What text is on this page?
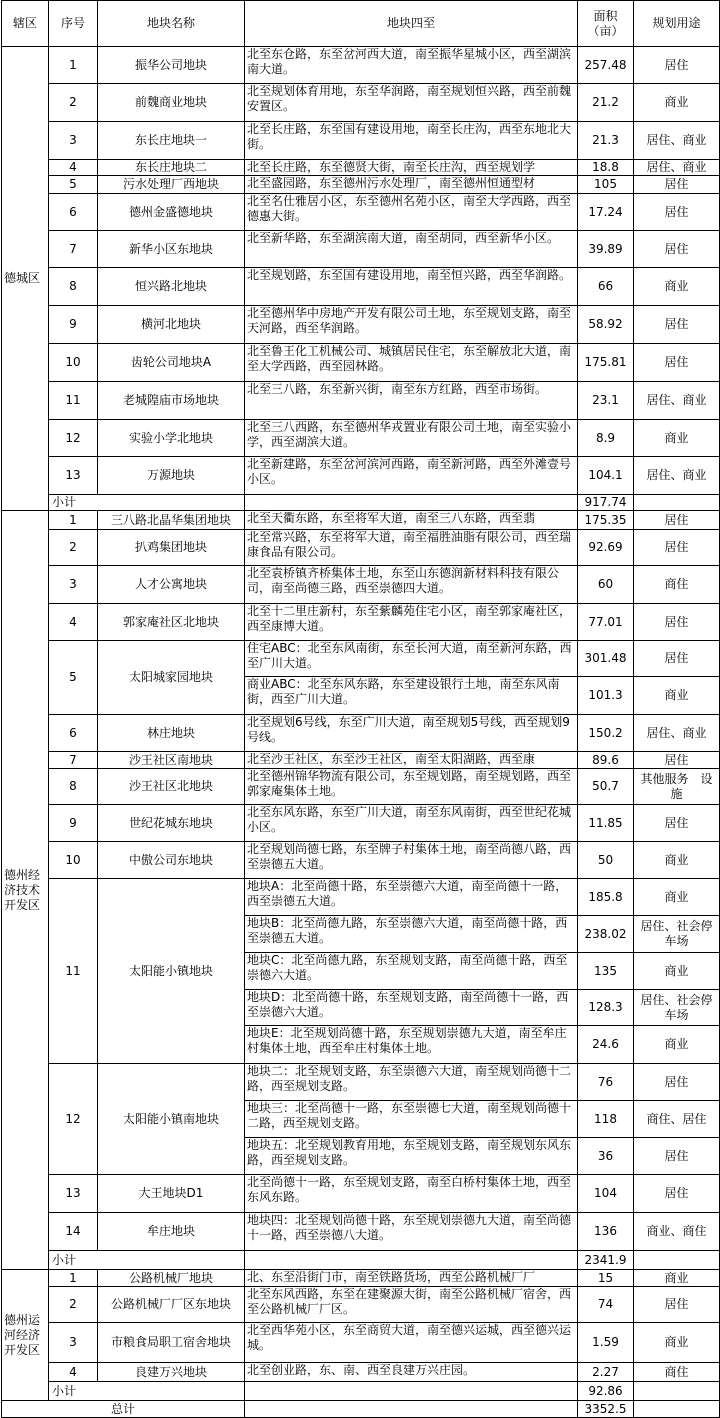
辖区	序号	地块名称	地块四至	面积（亩）	规划用途
德城区	1	振华公司地块	北至东仓路，东至岔河西大道，南至振华星城小区，西至湖滨南大道。	257.48	居住
	2	前魏商业地块	北至规划体育用地，东至华润路，南至规划恒兴路，西至前魏安置区。	21.2	商业
	3	东长庄地块一	北至长庄路，东至国有建设用地，南至长庄沟，西至东地北大街。	21.3	居住、商业
	4	东长庄地块二	北至长庄路，东至德贤大街，南至长庄沟，西至规划学	18.8	居住、商业
	5	污水处理厂西地块	北至盛园路，东至德州污水处理厂，南至德州恒通型材	105	居住
	6	德州金盛德地块	北至名仕雅居小区，东至德州名苑小区，南至大学西路，西至德惠大街。	17.24	居住
	7	新华小区东地块	北至新华路，东至湖滨南大道，南至胡同，西至新华小区。	39.89	居住
	8	恒兴路北地块	北至规划路，东至国有建设用地，南至恒兴路，西至华润路。	66	商业
	9	横河北地块	北至德州华中房地产开发有限公司土地，东至规划支路，南至天河路，西至华润路。	58.92	居住
	10	齿轮公司地块A	北至鲁王化工机械公司、城镇居民住宅，东至解放北大道，南至大学西路，西至园林路。	175.81	居住
	11	老城隍庙市场地块	北至三八路，东至新兴街，南至东方红路，西至市场街。	23.1	居住、商业
	12	实验小学北地块	北至三八西路，东至德州华戎置业有限公司土地，南至实验小学，西至湖滨大道。	8.9	商业
	13	万源地块	北至新建路，东至岔河滨河西路，南至新河路，西至外滩壹号小区。	104.1	居住、商业
	小计			917.74	
德州经济技术开发区	1	三八路北晶华集团地块	北至天衢东路，东至将军大道，南至三八东路，西至翡	175.35	居住
	2	扒鸡集团地块	北至常兴路，东至将军大道，南至福胜油脂有限公司，西至瑞康食品有限公司。	92.69	居住
	3	人才公寓地块	北至袁桥镇齐桥集体土地，东至山东德润新材料科技有限公司，南至尚德三路，西至崇德四大道。	60	商住
	4	郭家庵社区北地块	北至十二里庄新村，东至紫麟苑住宅小区，南至郭家庵社区，西至康博大道。	77.01	居住
	5	太阳城家园地块	住宅ABC：北至东风南街，东至长河大道，南至新河东路，西至广川大道。	301.48	居住
			商业ABC：北至东风东路，东至建设银行土地，南至东风南街，西至广川大道。	101.3	商业
	6	林庄地块	北至规划6号线，东至广川大道，南至规划5号线，西至规划9号线。	150.2	居住、商业
	7	沙王社区南地块	北至沙王社区，东至沙王社区，南至太阳湖路，西至康	89.6	居住
	8	沙王社区北地块	北至德州锦华物流有限公司，东至规划路，南至规划路，西至郭家庵集体土地。	50.7	其他服务　设施
	9	世纪花城东地块	北至东风东路，东至广川大道，南至东风南街，西至世纪花城小区。	11.85	居住
	10	中傲公司东地块	北至规划尚德七路，东至牌子村集体土地，南至尚德八路，西至崇德五大道。	50	商业
	11	太阳能小镇地块	地块A：北至尚德十路，东至崇德六大道，南至尚德十一路，西至崇德五大道。	185.8	商业
			地块B：北至尚德九路，东至崇德六大道，南至尚德十路，西至崇德五大道。	238.02	居住、社会停车场
			地块C：北至尚德九路，东至规划支路，南至尚德十路，西至崇德六大道。	135	商业
			地块D：北至尚德十路，东至规划支路，南至尚德十一路，西至崇德六大道。	128.3	居住、社会停车场
			地块E：北至规划尚德十路，东至规划崇德九大道，南至牟庄村集体土地，西至牟庄村集体土地。	24.6	商业
	12	太阳能小镇南地块	地块二：北至规划支路，东至崇德六大道，南至规划尚德十二路，西至规划支路。	76	居住
			地块三：北至尚德十一路，东至崇德七大道，南至规划尚德十二路，西至规划支路。	118	商住、居住
			地块五：北至规划教育用地，东至规划支路，南至规划东风东路，西至规划支路。	36	居住
	13	大王地块D1	北至尚德十一路，东至规划支路，南至白桥村集体土地，西至东风东路。	104	居住
	14	牟庄地块	地块四：北至规划尚德十路，东至规划崇德九大道，南至尚德十一路，西至崇德八大道。	136	商业、商住
	小计			2341.9	
德州运河经济开发区	1	公路机械厂地块	北、东至沿街门市，南至铁路货场，西至公路机械厂厂	15	商业
	2	公路机械厂厂区东地块	北至东风西路，东至在建聚源大街，南至公路机械厂宿舍，西至公路机械厂厂区。	74	居住
	3	市粮食局职工宿舍地块	北至西华苑小区，东至商贸大道，南至德兴运城，西至德兴运城。	1.59	商业
	4	良建万兴地块	北至创业路，东、南、西至良建万兴庄园。	2.27	商住
	小计			92.86	
总计				3352.5	
